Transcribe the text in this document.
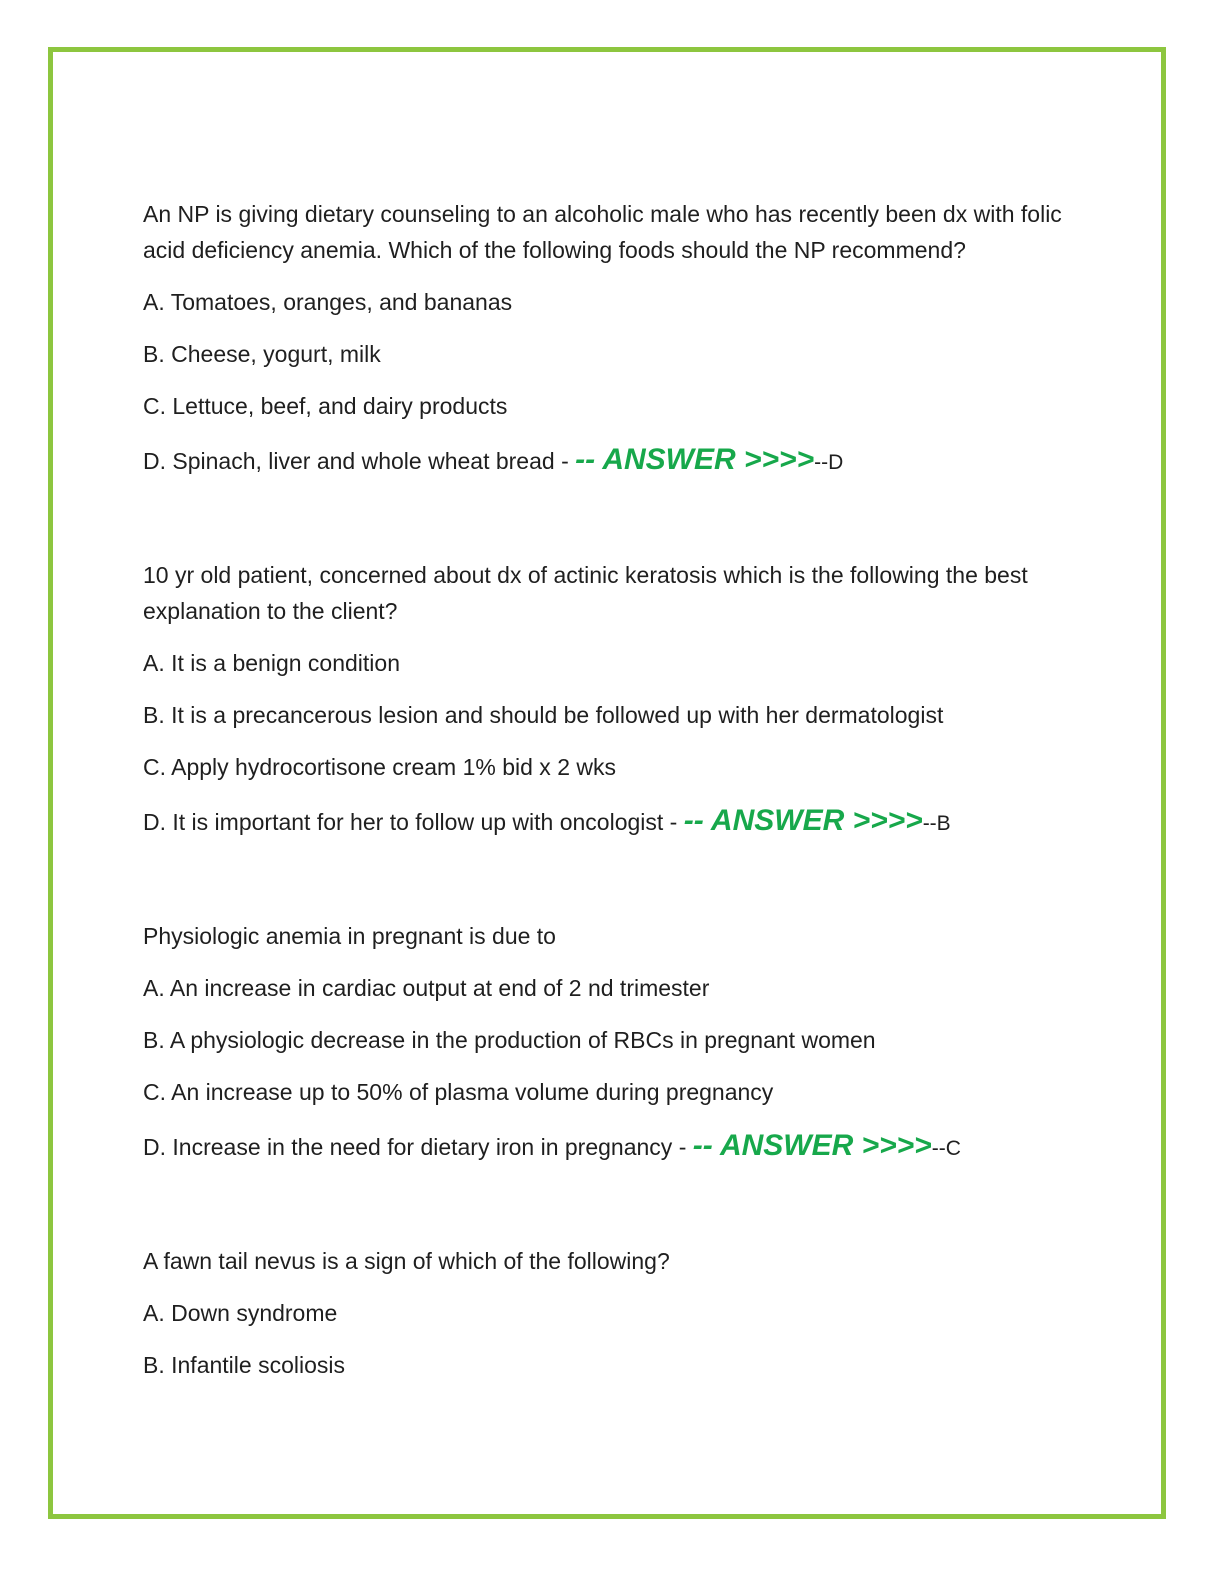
An NP is giving dietary counseling to an alcoholic male who has recently been dx with folic acid deficiency anemia. Which of the following foods should the NP recommend?

A. Tomatoes, oranges, and bananas

B. Cheese, yogurt, milk

C. Lettuce, beef, and dairy products

D. Spinach, liver and whole wheat bread - -- ANSWER >>>>--D

10 yr old patient, concerned about dx of actinic keratosis which is the following the best explanation to the client?

A. It is a benign condition

B. It is a precancerous lesion and should be followed up with her dermatologist

C. Apply hydrocortisone cream 1% bid x 2 wks

D. It is important for her to follow up with oncologist - -- ANSWER >>>>--B

Physiologic anemia in pregnant is due to

A. An increase in cardiac output at end of 2 nd trimester

B. A physiologic decrease in the production of RBCs in pregnant women

C. An increase up to 50% of plasma volume during pregnancy

D. Increase in the need for dietary iron in pregnancy - -- ANSWER >>>>--C

A fawn tail nevus is a sign of which of the following?

A. Down syndrome

B. Infantile scoliosis
